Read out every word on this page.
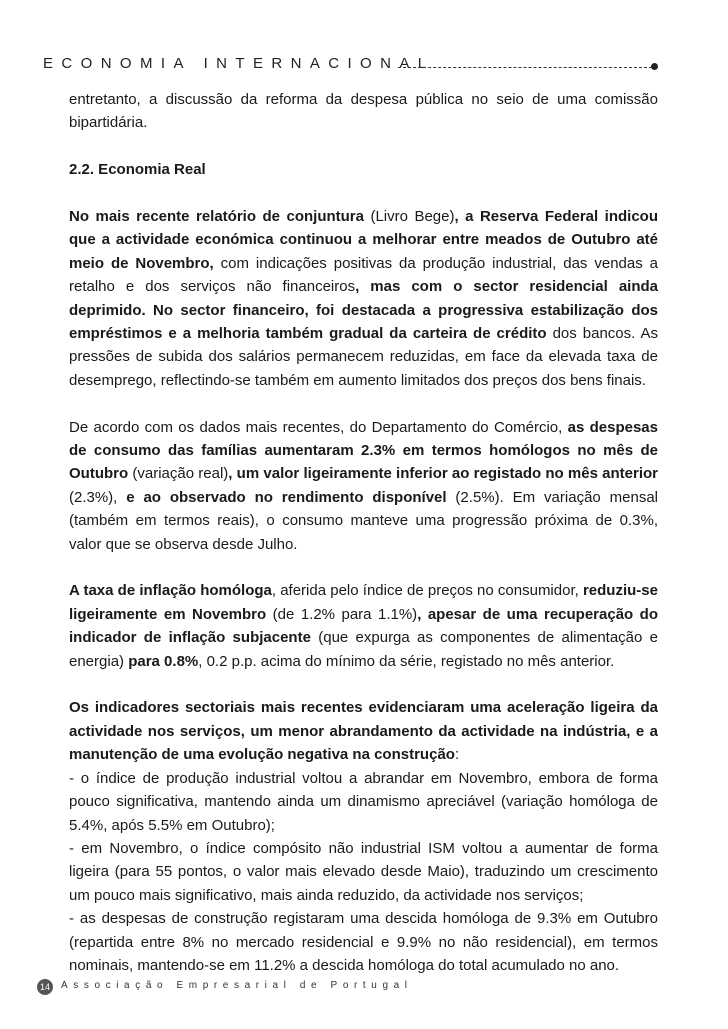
ECONOMIA INTERNACIONAL

entretanto, a discussão da reforma da despesa pública no seio de uma comissão bipartidária.

2.2. Economia Real

No mais recente relatório de conjuntura (Livro Bege), a Reserva Federal indicou que a actividade económica continuou a melhorar entre meados de Outubro até meio de Novembro, com indicações positivas da produção industrial, das vendas a retalho e dos serviços não financeiros, mas com o sector residencial ainda deprimido. No sector financeiro, foi destacada a progressiva estabilização dos empréstimos e a melhoria também gradual da carteira de crédito dos bancos. As pressões de subida dos salários permanecem reduzidas, em face da elevada taxa de desemprego, reflectindo-se também em aumento limitados dos preços dos bens finais.

De acordo com os dados mais recentes, do Departamento do Comércio, as despesas de consumo das famílias aumentaram 2.3% em termos homólogos no mês de Outubro (variação real), um valor ligeiramente inferior ao registado no mês anterior (2.3%), e ao observado no rendimento disponível (2.5%). Em variação mensal (também em termos reais), o consumo manteve uma progressão próxima de 0.3%, valor que se observa desde Julho.

A taxa de inflação homóloga, aferida pelo índice de preços no consumidor, reduziu-se ligeiramente em Novembro (de 1.2% para 1.1%), apesar de uma recuperação do indicador de inflação subjacente (que expurga as componentes de alimentação e energia) para 0.8%, 0.2 p.p. acima do mínimo da série, registado no mês anterior.

Os indicadores sectoriais mais recentes evidenciaram uma aceleração ligeira da actividade nos serviços, um menor abrandamento da actividade na indústria, e a manutenção de uma evolução negativa na construção:

- o índice de produção industrial voltou a abrandar em Novembro, embora de forma pouco significativa, mantendo ainda um dinamismo apreciável (variação homóloga de 5.4%, após 5.5% em Outubro);

- em Novembro, o índice compósito não industrial ISM voltou a aumentar de forma ligeira (para 55 pontos, o valor mais elevado desde Maio), traduzindo um crescimento um pouco mais significativo, mais ainda reduzido, da actividade nos serviços;

- as despesas de construção registaram uma descida homóloga de 9.3% em Outubro (repartida entre 8% no mercado residencial e 9.9% no não residencial), em termos nominais, mantendo-se em 11.2% a descida homóloga do total acumulado no ano.

14	Associação Empresarial de Portugal
